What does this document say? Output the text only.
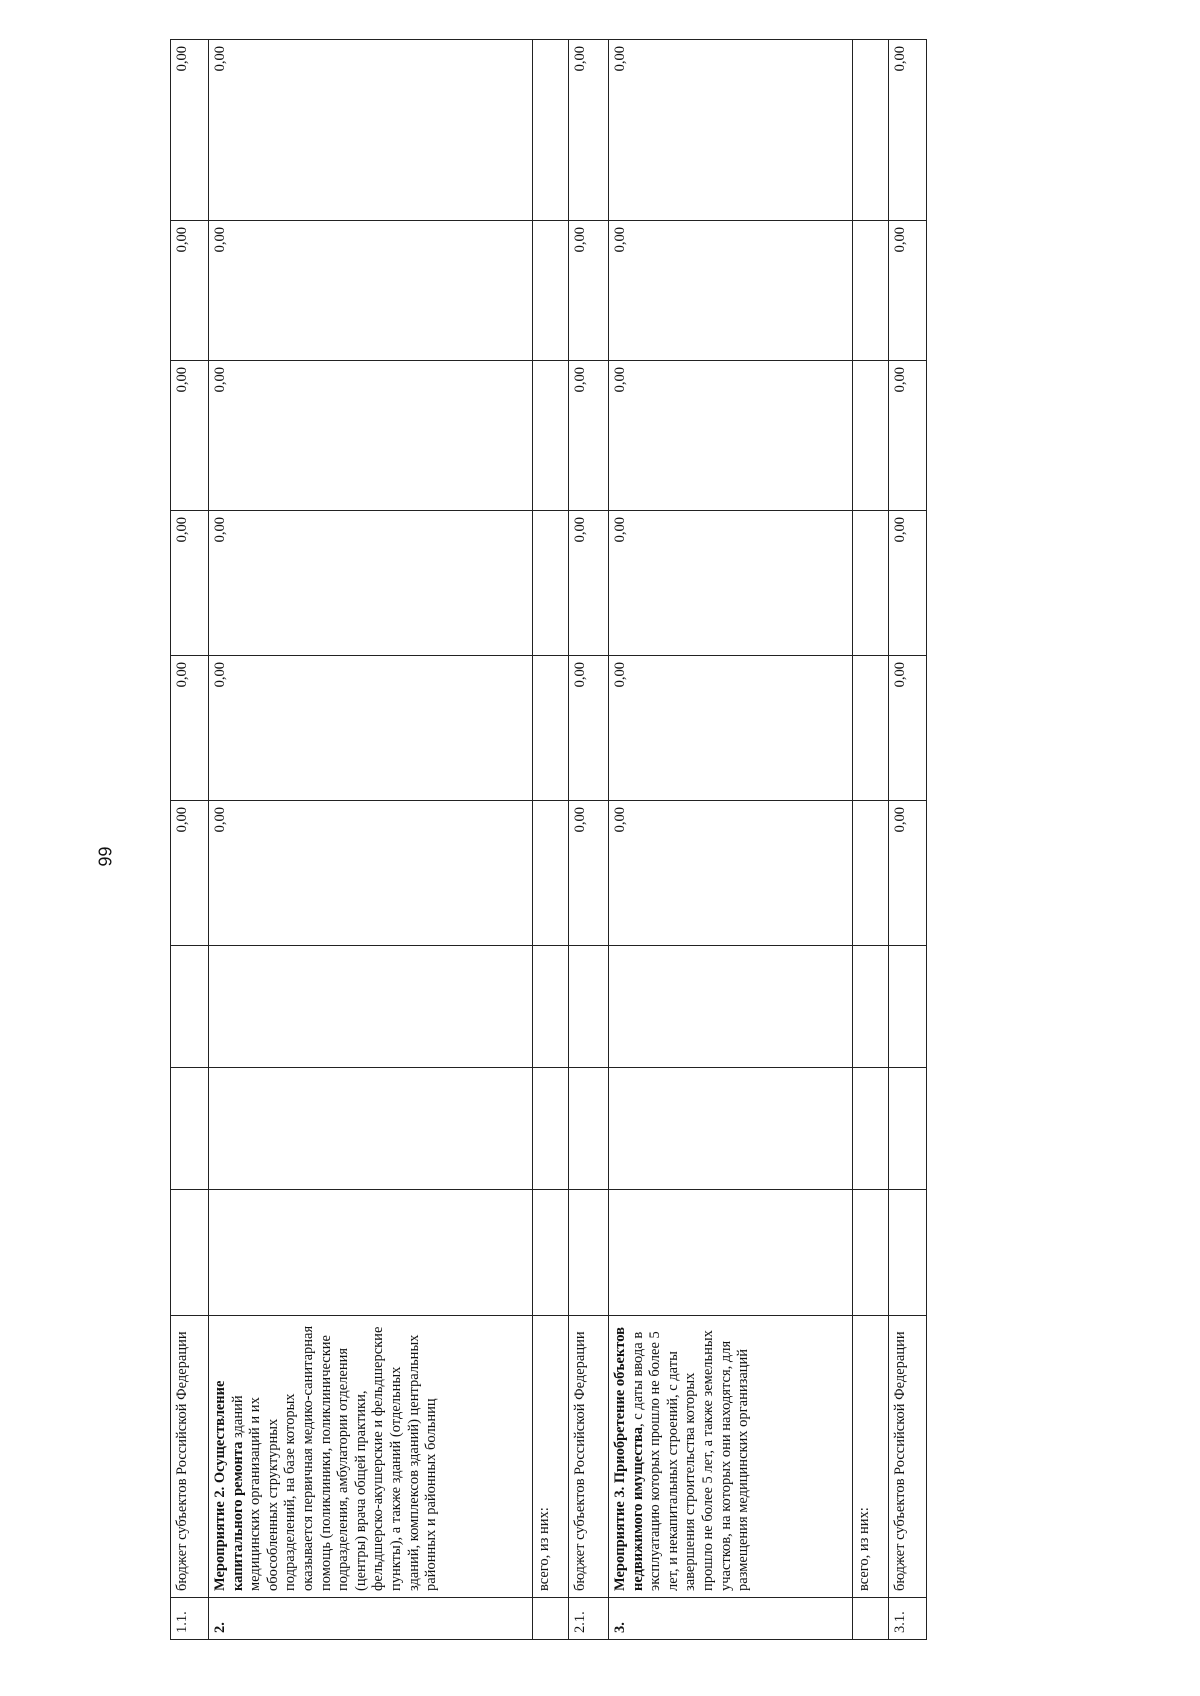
66
1.1.	бюджет субъектов Российской Федерации				0,00	0,00	0,00	0,00	0,00	0,00
2.	Мероприятие 2. Осуществление капитального ремонта зданий медицинских организаций и их обособленных структурных подразделений, на базе которых оказывается первичная медико-санитарная помощь (поликлиники, поликлинические подразделения, амбулатории отделения (центры) врача общей практики, фельдшерско-акушерские и фельдшерские пункты), а также зданий (отдельных зданий, комплексов зданий) центральных районных и районных больниц				0,00	0,00	0,00	0,00	0,00	0,00
	всего, из них:									
2.1.	бюджет субъектов Российской Федерации				0,00	0,00	0,00	0,00	0,00	0,00
3.	Мероприятие 3. Приобретение объектов недвижимого имущества, с даты ввода в эксплуатацию которых прошло не более 5 лет, и некапитальных строений, с даты завершения строительства которых прошло не более 5 лет, а также земельных участков, на которых они находятся, для размещения медицинских организаций				0,00	0,00	0,00	0,00	0,00	0,00
	всего, из них:									
3.1.	бюджет субъектов Российской Федерации				0,00	0,00	0,00	0,00	0,00	0,00
